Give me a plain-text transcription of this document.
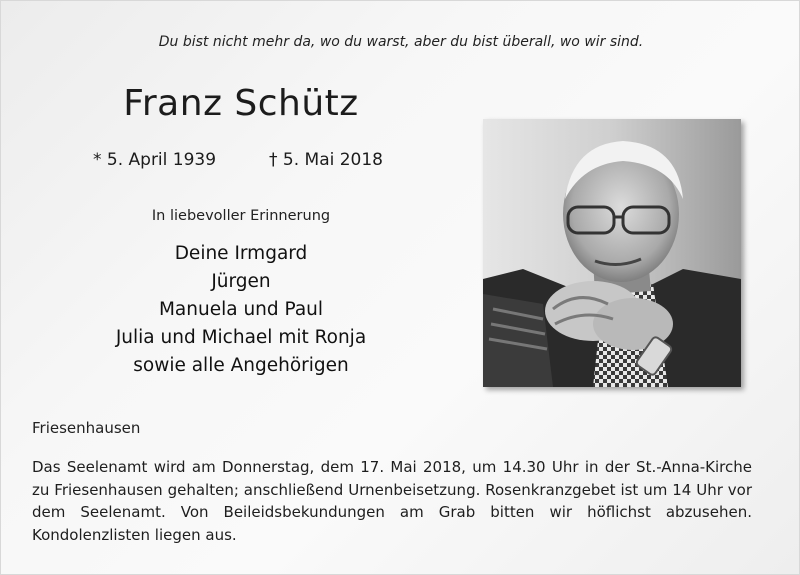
Du bist nicht mehr da, wo du warst, aber du bist überall, wo wir sind.
Franz Schütz
* 5. April 1939	† 5. Mai 2018
In liebevoller Erinnerung
Deine Irmgard
Jürgen
Manuela und Paul
Julia und Michael mit Ronja
sowie alle Angehörigen
Friesenhausen
Das Seelenamt wird am Donnerstag, dem 17. Mai 2018, um 14.30 Uhr in der St.-Anna-Kirche zu Friesenhausen gehalten; anschließend Urnenbeisetzung. Rosenkranzgebet ist um 14 Uhr vor dem Seelenamt. Von Beileidsbekundungen am Grab bitten wir höflichst abzusehen. Kondolenzlisten liegen aus.
